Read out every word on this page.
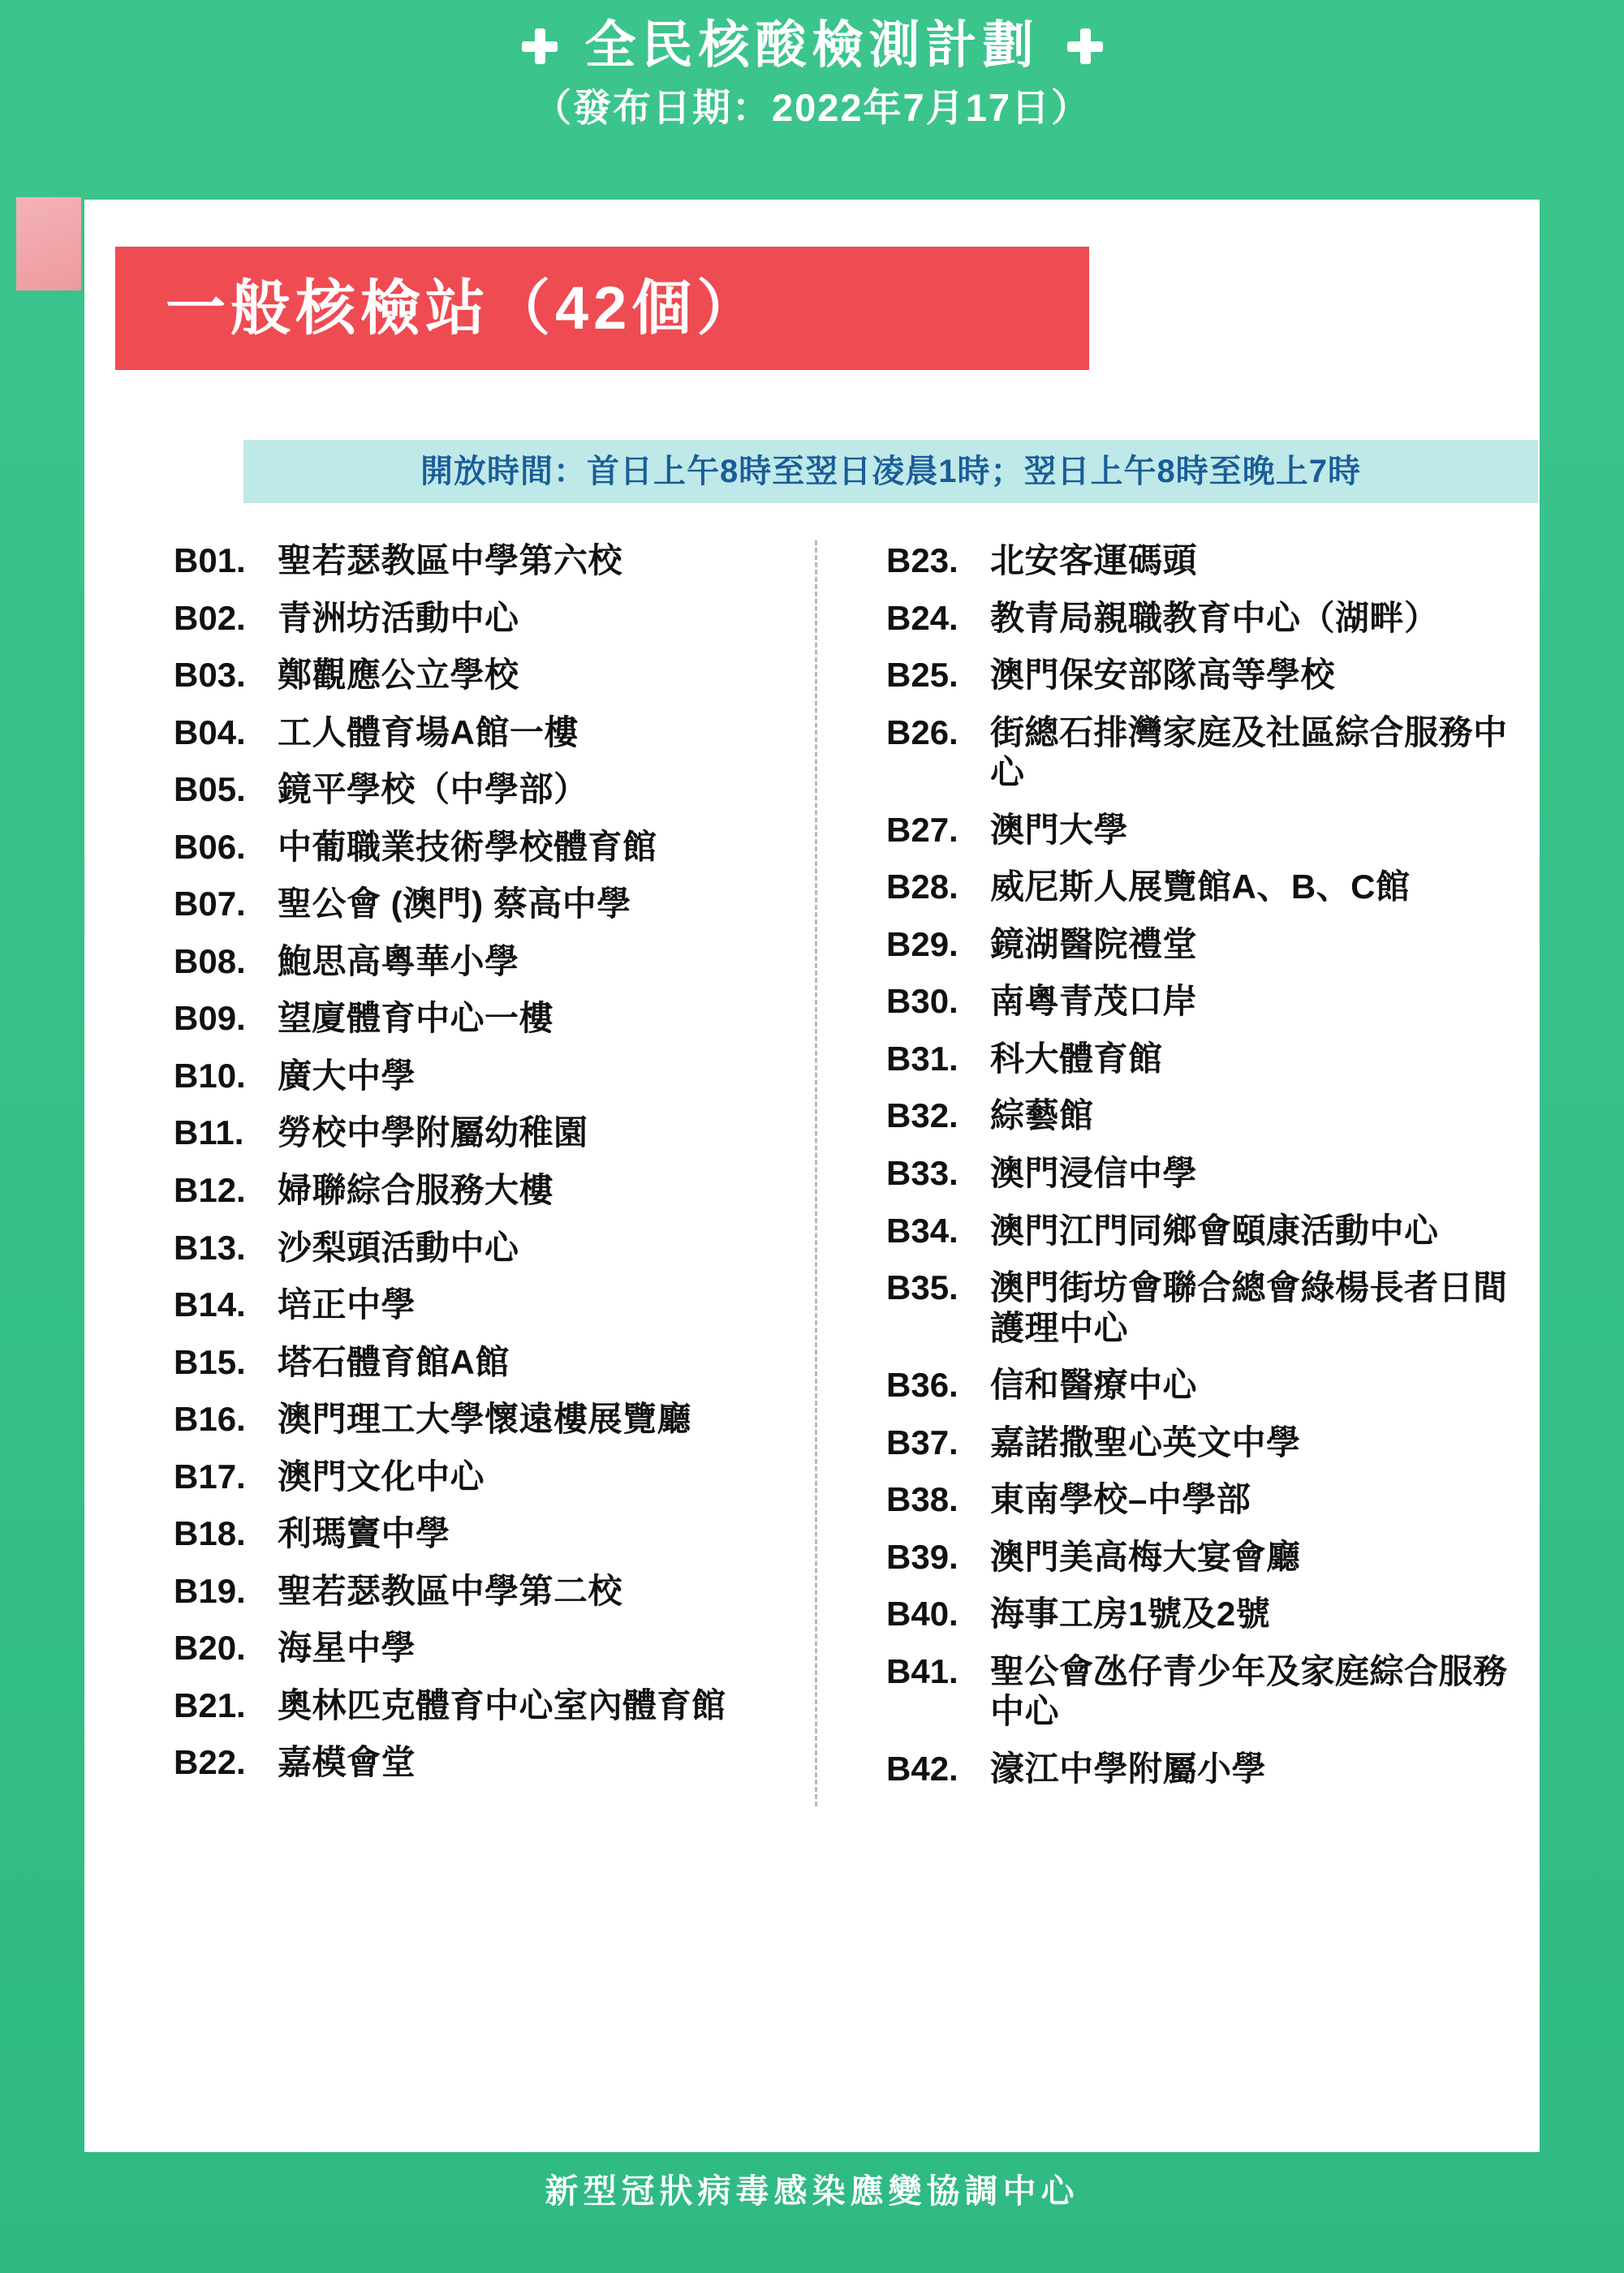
全民核酸檢測計劃
（發布日期：2022年7月17日）
一般核檢站（42個）
開放時間：首日上午8時至翌日凌晨1時；翌日上午8時至晚上7時
B01. 聖若瑟教區中學第六校
B02. 青洲坊活動中心
B03. 鄭觀應公立學校
B04. 工人體育場A館一樓
B05. 鏡平學校（中學部）
B06. 中葡職業技術學校體育館
B07. 聖公會 (澳門) 蔡高中學
B08. 鮑思高粵華小學
B09. 望廈體育中心一樓
B10. 廣大中學
B11. 勞校中學附屬幼稚園
B12. 婦聯綜合服務大樓
B13. 沙梨頭活動中心
B14. 培正中學
B15. 塔石體育館A館
B16. 澳門理工大學懷遠樓展覽廳
B17. 澳門文化中心
B18. 利瑪竇中學
B19. 聖若瑟教區中學第二校
B20. 海星中學
B21. 奧林匹克體育中心室內體育館
B22. 嘉模會堂
B23. 北安客運碼頭
B24. 教青局親職教育中心（湖畔）
B25. 澳門保安部隊高等學校
B26. 街總石排灣家庭及社區綜合服務中心
B27. 澳門大學
B28. 威尼斯人展覽館A、B、C館
B29. 鏡湖醫院禮堂
B30. 南粵青茂口岸
B31. 科大體育館
B32. 綜藝館
B33. 澳門浸信中學
B34. 澳門江門同鄉會頤康活動中心
B35. 澳門街坊會聯合總會綠楊長者日間護理中心
B36. 信和醫療中心
B37. 嘉諾撒聖心英文中學
B38. 東南學校–中學部
B39. 澳門美高梅大宴會廳
B40. 海事工房1號及2號
B41. 聖公會氹仔青少年及家庭綜合服務中心
B42. 濠江中學附屬小學
新型冠狀病毒感染應變協調中心
